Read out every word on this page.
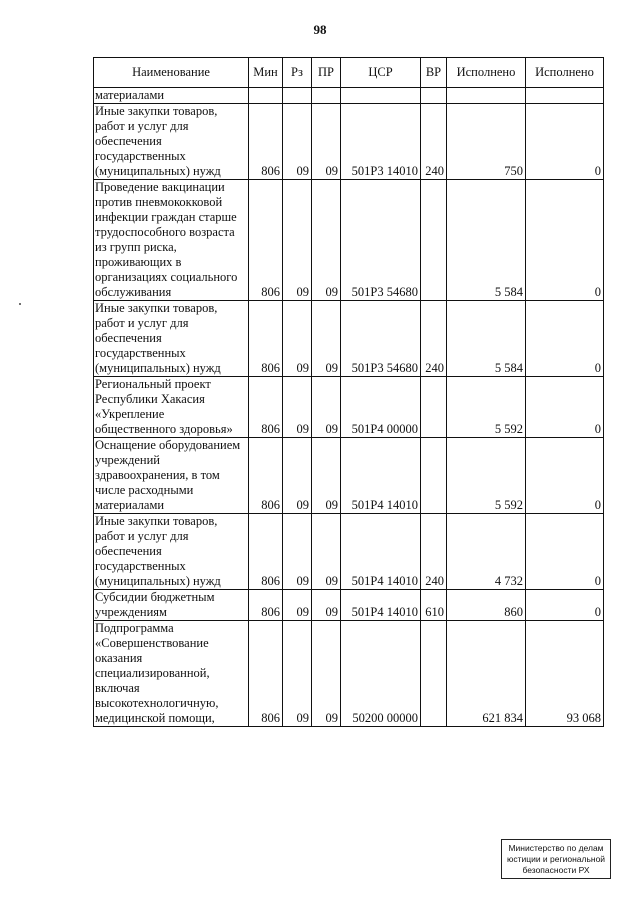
98
Наименование	Мин	Рз	ПР	ЦСР	ВР	Исполнено	Исполнено
материалами							
Иные закупки товаров, работ и услуг для обеспечения государственных (муниципальных) нужд	806	09	09	501Р3 14010	240	750	0
Проведение вакцинации против пневмококковой инфекции граждан старше трудоспособного возраста из групп риска, проживающих в организациях социального обслуживания	806	09	09	501Р3 54680		5 584	0
Иные закупки товаров, работ и услуг для обеспечения государственных (муниципальных) нужд	806	09	09	501Р3 54680	240	5 584	0
Региональный проект Республики Хакасия «Укрепление общественного здоровья»	806	09	09	501Р4 00000		5 592	0
Оснащение оборудованием учреждений здравоохранения, в том числе расходными материалами	806	09	09	501Р4 14010		5 592	0
Иные закупки товаров, работ и услуг для обеспечения государственных (муниципальных) нужд	806	09	09	501Р4 14010	240	4 732	0
Субсидии бюджетным учреждениям	806	09	09	501Р4 14010	610	860	0
Подпрограмма «Совершенствование оказания специализированной, включая высокотехнологичную, медицинской помощи,	806	09	09	50200 00000		621 834	93 068
Министерство по делам
юстиции и региональной
безопасности РХ
